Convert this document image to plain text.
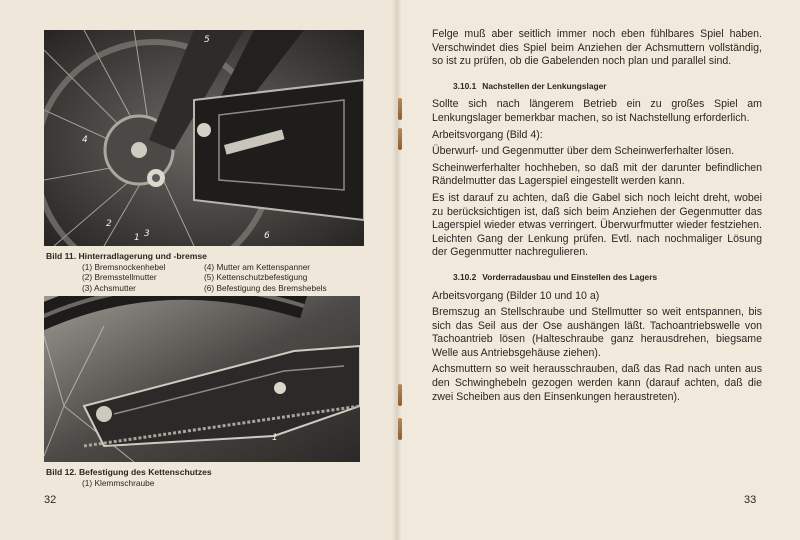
5
4
2
1 3	6
Bild 11. Hinterradlagerung und -bremse
(1) Bremsnockenhebel	(4) Mutter am Kettenspanner
(2) Bremsstellmutter	(5) Kettenschutzbefestigung
(3) Achsmutter	(6) Befestigung des Bremshebels
1
Bild 12. Befestigung des Kettenschutzes
(1) Klemmschraube
32

Felge muß aber seitlich immer noch eben fühlbares Spiel haben. Verschwindet dies Spiel beim Anziehen der Achsmuttern vollständig, so ist zu prüfen, ob die Gabelenden noch plan und parallel sind.

3.10.1 Nachstellen der Lenkungslager

Sollte sich nach längerem Betrieb ein zu großes Spiel am Lenkungslager bemerkbar machen, so ist Nachstellung erforderlich.

Arbeitsvorgang (Bild 4):

Überwurf- und Gegenmutter über dem Scheinwerferhalter lösen.

Scheinwerferhalter hochheben, so daß mit der darunter befindlichen Rändelmutter das Lagerspiel eingestellt werden kann.

Es ist darauf zu achten, daß die Gabel sich noch leicht dreht, wobei zu berücksichtigen ist, daß sich beim Anziehen der Gegenmutter das Lagerspiel wieder etwas verringert. Überwurfmutter wieder festziehen. Leichten Gang der Lenkung prüfen. Evtl. nach nochmaliger Lösung der Gegenmutter nachregulieren.

3.10.2 Vorderradausbau und Einstellen des Lagers

Arbeitsvorgang (Bilder 10 und 10 a)

Bremszug an Stellschraube und Stellmutter so weit entspannen, bis sich das Seil aus der Ose aushängen läßt. Tachoantriebswelle von Tachoantrieb lösen (Halteschraube ganz herausdrehen, biegsame Welle aus Antriebsgehäuse ziehen).

Achsmuttern so weit herausschrauben, daß das Rad nach unten aus den Schwinghebeln gezogen werden kann (darauf achten, daß die zwei Scheiben aus den Einsenkungen heraustreten).

33
